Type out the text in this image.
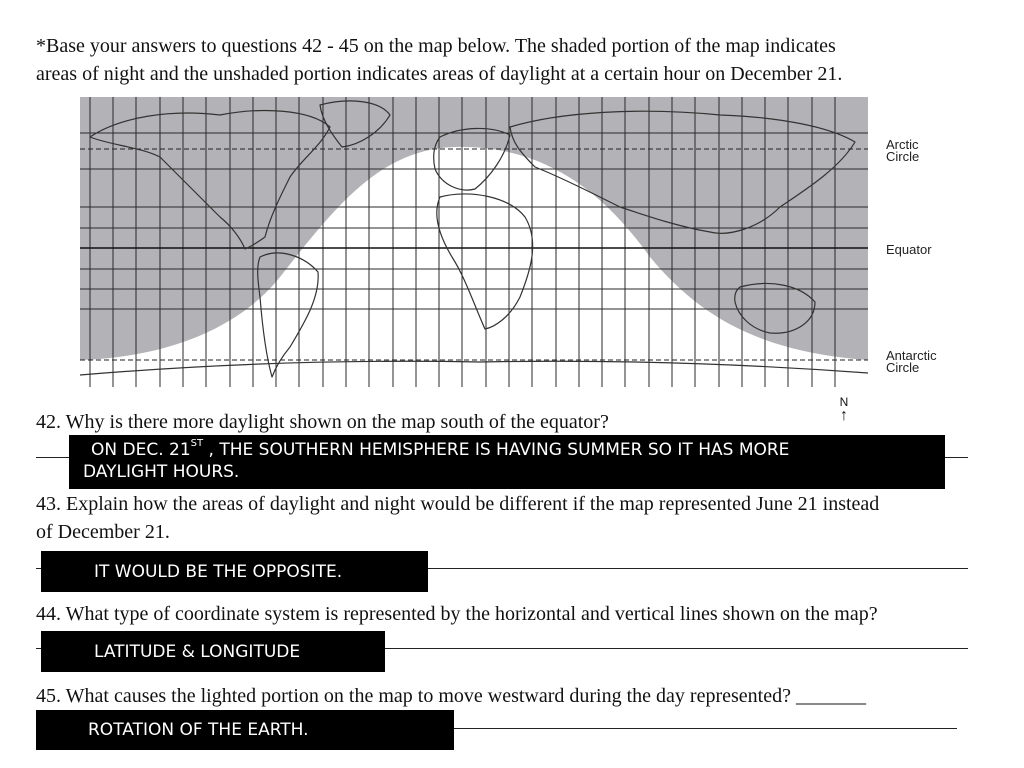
*Base your answers to questions 42 - 45 on the map below. The shaded portion of the map indicates
areas of night and the unshaded portion indicates areas of daylight at a certain hour on December 21.
Arctic
Circle
Equator
Antarctic
Circle
N
↑
42. Why is there more daylight shown on the map south of the equator?
ON DEC. 21ST , THE SOUTHERN HEMISPHERE IS HAVING SUMMER SO IT HAS MORE
DAYLIGHT HOURS.
43. Explain how the areas of daylight and night would be different if the map represented June 21 instead
of December 21.
IT WOULD BE THE OPPOSITE.
44. What type of coordinate system is represented by the horizontal and vertical lines shown on the map?
LATITUDE & LONGITUDE
45. What causes the lighted portion on the map to move westward during the day represented? _______
ROTATION OF THE EARTH.
